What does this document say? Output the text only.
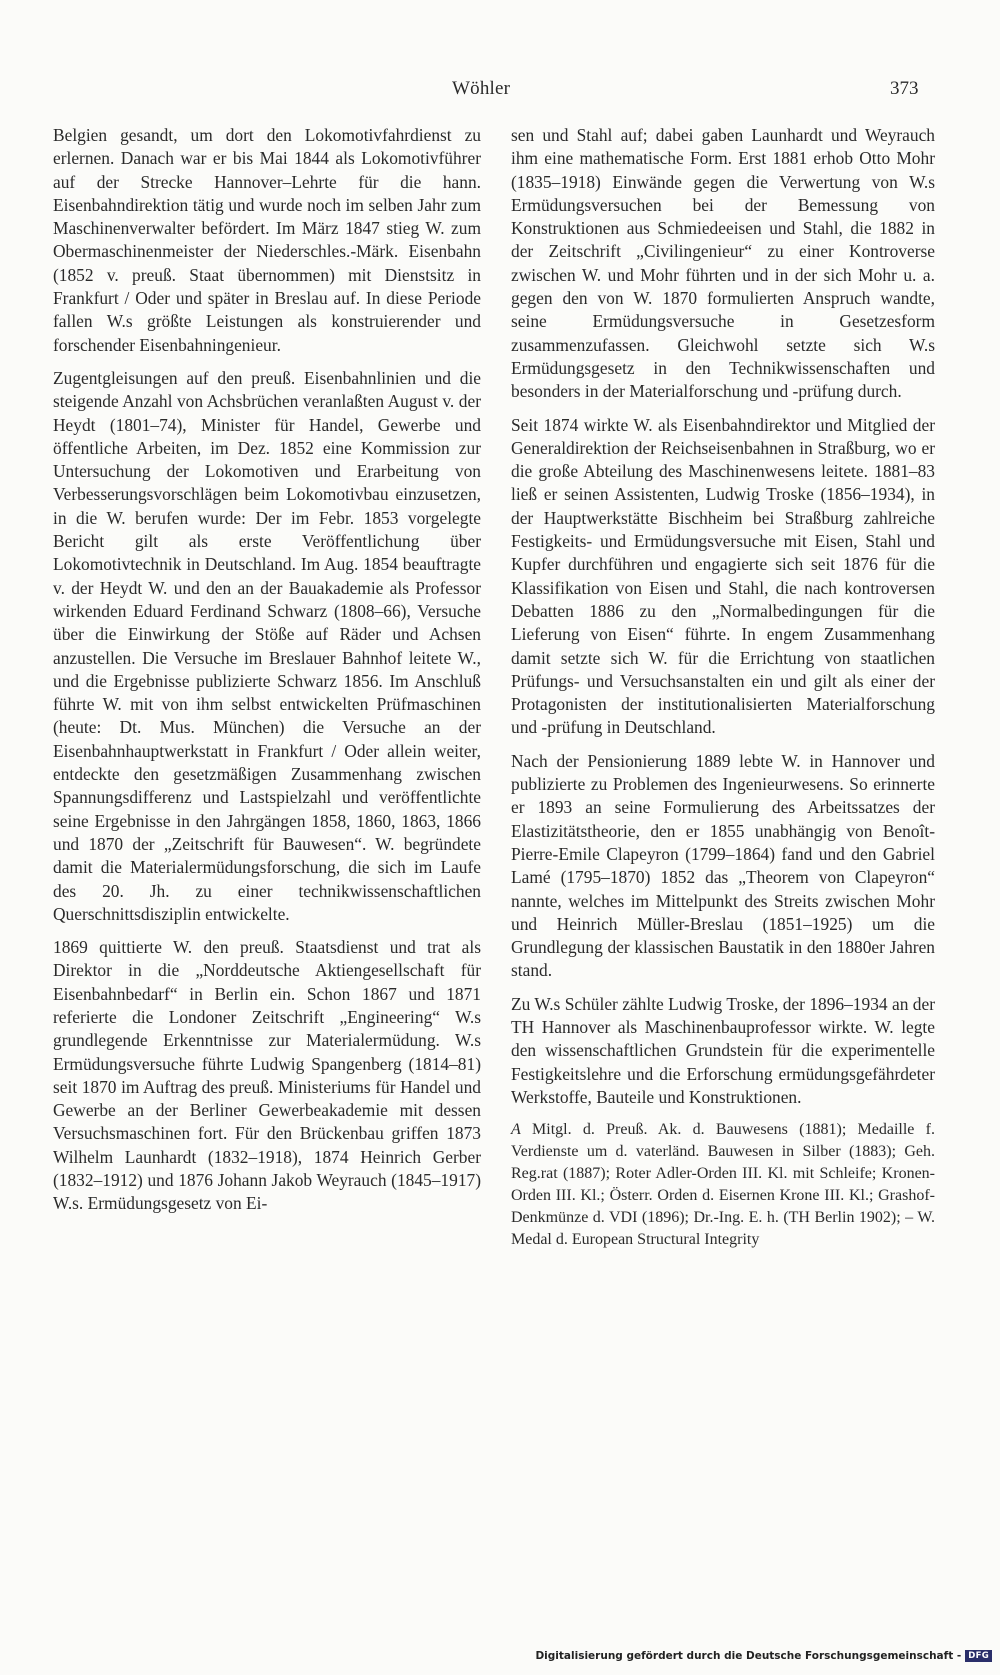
Wöhler	373

Belgien gesandt, um dort den Lokomotivfahrdienst zu erlernen. Danach war er bis Mai 1844 als Lokomotivführer auf der Strecke Hannover–Lehrte für die hann. Eisenbahndirektion tätig und wurde noch im selben Jahr zum Maschinenverwalter befördert. Im März 1847 stieg W. zum Obermaschinenmeister der Niederschles.-Märk. Eisenbahn (1852 v. preuß. Staat übernommen) mit Dienstsitz in Frankfurt / Oder und später in Breslau auf. In diese Periode fallen W.s größte Leistungen als konstruierender und forschender Eisenbahningenieur.

Zugentgleisungen auf den preuß. Eisenbahnlinien und die steigende Anzahl von Achsbrüchen veranlaßten August v. der Heydt (1801–74), Minister für Handel, Gewerbe und öffentliche Arbeiten, im Dez. 1852 eine Kommission zur Untersuchung der Lokomotiven und Erarbeitung von Verbesserungsvorschlägen beim Lokomotivbau einzusetzen, in die W. berufen wurde: Der im Febr. 1853 vorgelegte Bericht gilt als erste Veröffentlichung über Lokomotivtechnik in Deutschland. Im Aug. 1854 beauftragte v. der Heydt W. und den an der Bauakademie als Professor wirkenden Eduard Ferdinand Schwarz (1808–66), Versuche über die Einwirkung der Stöße auf Räder und Achsen anzustellen. Die Versuche im Breslauer Bahnhof leitete W., und die Ergebnisse publizierte Schwarz 1856. Im Anschluß führte W. mit von ihm selbst entwickelten Prüfmaschinen (heute: Dt. Mus. München) die Versuche an der Eisenbahnhauptwerkstatt in Frankfurt / Oder allein weiter, entdeckte den gesetzmäßigen Zusammenhang zwischen Spannungsdifferenz und Lastspielzahl und veröffentlichte seine Ergebnisse in den Jahrgängen 1858, 1860, 1863, 1866 und 1870 der „Zeitschrift für Bauwesen“. W. begründete damit die Materialermüdungsforschung, die sich im Laufe des 20. Jh. zu einer technikwissenschaftlichen Querschnittsdisziplin entwickelte.

1869 quittierte W. den preuß. Staatsdienst und trat als Direktor in die „Norddeutsche Aktiengesellschaft für Eisenbahnbedarf“ in Berlin ein. Schon 1867 und 1871 referierte die Londoner Zeitschrift „Engineering“ W.s grundlegende Erkenntnisse zur Materialermüdung. W.s Ermüdungsversuche führte Ludwig Spangenberg (1814–81) seit 1870 im Auftrag des preuß. Ministeriums für Handel und Gewerbe an der Berliner Gewerbeakademie mit dessen Versuchsmaschinen fort. Für den Brückenbau griffen 1873 Wilhelm Launhardt (1832–1918), 1874 Heinrich Gerber (1832–1912) und 1876 Johann Jakob Weyrauch (1845–1917) W.s. Ermüdungsgesetz von Ei-

sen und Stahl auf; dabei gaben Launhardt und Weyrauch ihm eine mathematische Form. Erst 1881 erhob Otto Mohr (1835–1918) Einwände gegen die Verwertung von W.s Ermüdungsversuchen bei der Bemessung von Konstruktionen aus Schmiedeeisen und Stahl, die 1882 in der Zeitschrift „Civilingenieur“ zu einer Kontroverse zwischen W. und Mohr führten und in der sich Mohr u. a. gegen den von W. 1870 formulierten Anspruch wandte, seine Ermüdungsversuche in Gesetzesform zusammenzufassen. Gleichwohl setzte sich W.s Ermüdungsgesetz in den Technikwissenschaften und besonders in der Materialforschung und -prüfung durch.

Seit 1874 wirkte W. als Eisenbahndirektor und Mitglied der Generaldirektion der Reichseisenbahnen in Straßburg, wo er die große Abteilung des Maschinenwesens leitete. 1881–83 ließ er seinen Assistenten, Ludwig Troske (1856–1934), in der Hauptwerkstätte Bischheim bei Straßburg zahlreiche Festigkeits- und Ermüdungsversuche mit Eisen, Stahl und Kupfer durchführen und engagierte sich seit 1876 für die Klassifikation von Eisen und Stahl, die nach kontroversen Debatten 1886 zu den „Normalbedingungen für die Lieferung von Eisen“ führte. In engem Zusammenhang damit setzte sich W. für die Errichtung von staatlichen Prüfungs- und Versuchsanstalten ein und gilt als einer der Protagonisten der institutionalisierten Materialforschung und -prüfung in Deutschland.

Nach der Pensionierung 1889 lebte W. in Hannover und publizierte zu Problemen des Ingenieurwesens. So erinnerte er 1893 an seine Formulierung des Arbeitssatzes der Elastizitätstheorie, den er 1855 unabhängig von Benoît-Pierre-Emile Clapeyron (1799–1864) fand und den Gabriel Lamé (1795–1870) 1852 das „Theorem von Clapeyron“ nannte, welches im Mittelpunkt des Streits zwischen Mohr und Heinrich Müller-Breslau (1851–1925) um die Grundlegung der klassischen Baustatik in den 1880er Jahren stand.

Zu W.s Schüler zählte Ludwig Troske, der 1896–1934 an der TH Hannover als Maschinenbauprofessor wirkte. W. legte den wissenschaftlichen Grundstein für die experimentelle Festigkeitslehre und die Erforschung ermüdungsgefährdeter Werkstoffe, Bauteile und Konstruktionen.

A Mitgl. d. Preuß. Ak. d. Bauwesens (1881); Medaille f. Verdienste um d. vaterländ. Bauwesen in Silber (1883); Geh. Reg.rat (1887); Roter Adler-Orden III. Kl. mit Schleife; Kronen-Orden III. Kl.; Österr. Orden d. Eisernen Krone III. Kl.; Grashof-Denkmünze d. VDI (1896); Dr.-Ing. E. h. (TH Berlin 1902); – W. Medal d. European Structural Integrity

Digitalisierung gefördert durch die Deutsche Forschungsgemeinschaft - DFG
